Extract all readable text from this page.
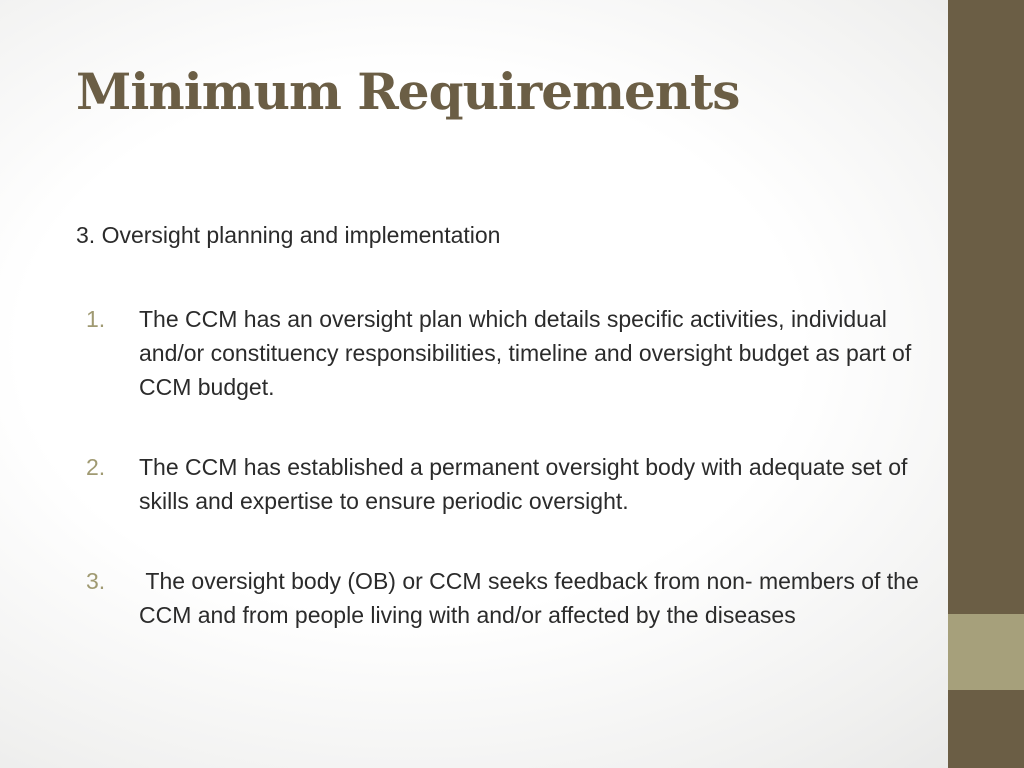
Minimum Requirements
3. Oversight planning and implementation
1. The CCM has an oversight plan which details specific activities, individual and/or constituency responsibilities, timeline and oversight budget as part of CCM budget.
2. The CCM has established a permanent oversight body with adequate set of skills and expertise to ensure periodic oversight.
3. The oversight body (OB) or CCM seeks feedback from non- members of the CCM and from people living with and/or affected by the diseases
